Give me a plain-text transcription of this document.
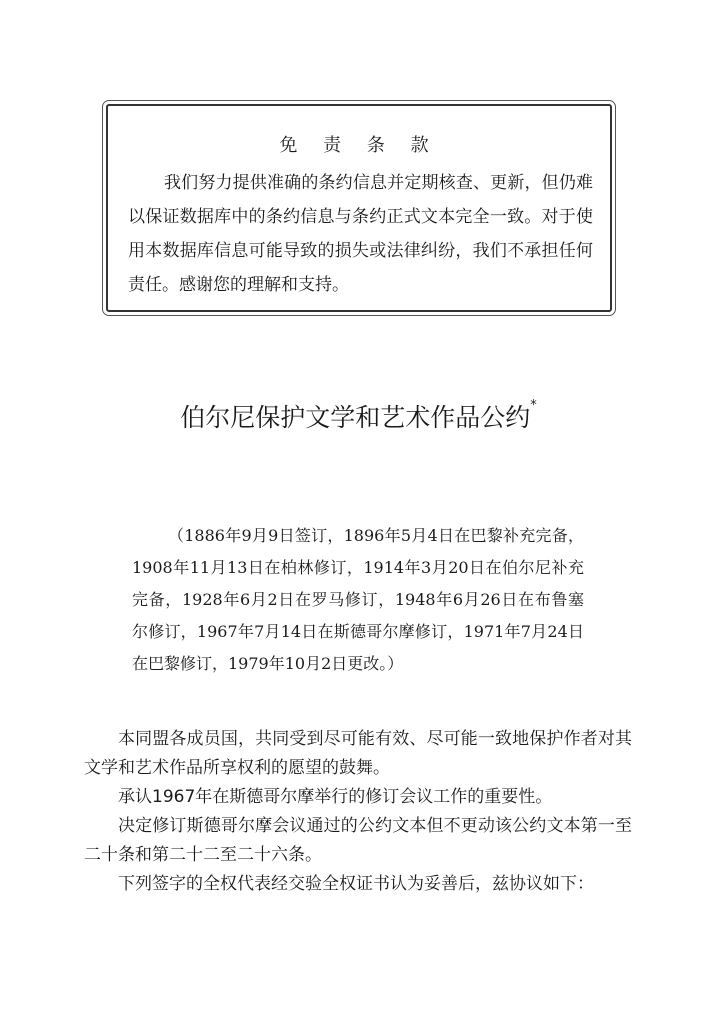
免 责 条 款

我们努力提供准确的条约信息并定期核查、更新，但仍难以保证数据库中的条约信息与条约正式文本完全一致。对于使用本数据库信息可能导致的损失或法律纠纷，我们不承担任何责任。感谢您的理解和支持。

伯尔尼保护文学和艺术作品公约*

（1886年9月9日签订，1896年5月4日在巴黎补充完备，1908年11月13日在柏林修订，1914年3月20日在伯尔尼补充完备，1928年6月2日在罗马修订，1948年6月26日在布鲁塞尔修订，1967年7月14日在斯德哥尔摩修订，1971年7月24日在巴黎修订，1979年10月2日更改。）

本同盟各成员国，共同受到尽可能有效、尽可能一致地保护作者对其文学和艺术作品所享权利的愿望的鼓舞。

承认1967年在斯德哥尔摩举行的修订会议工作的重要性。

决定修订斯德哥尔摩会议通过的公约文本但不更动该公约文本第一至二十条和第二十二至二十六条。

下列签字的全权代表经交验全权证书认为妥善后，兹协议如下：
